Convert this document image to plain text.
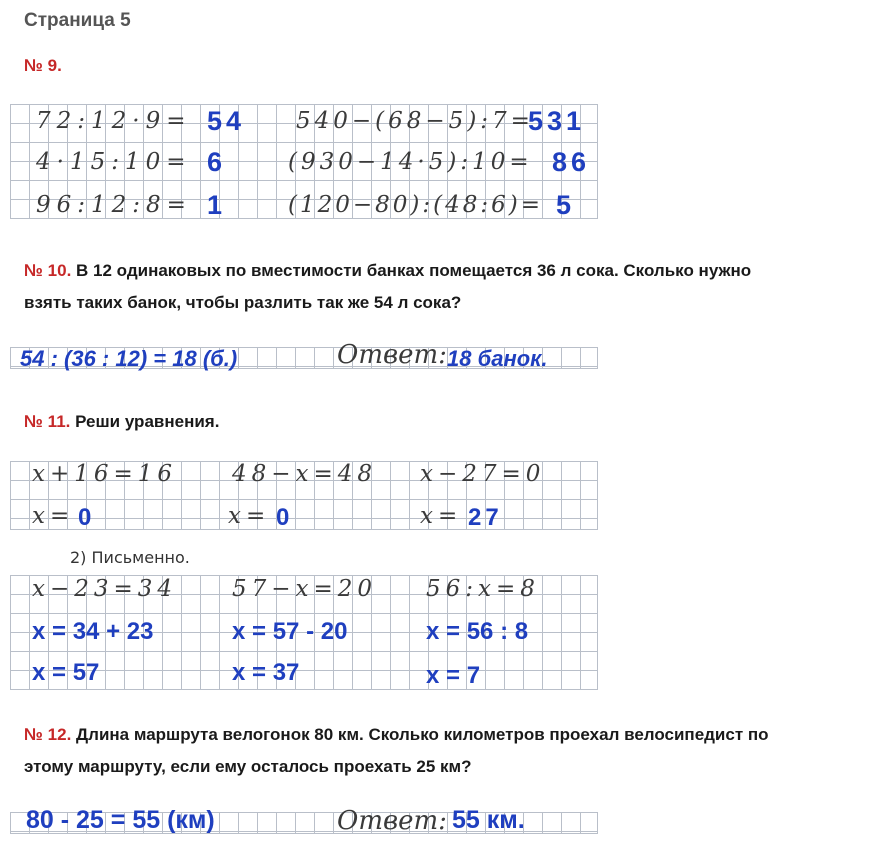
Страница 5
№ 9.
72:12·9= 54
4·15:10= 6
96:12:8= 1
540−(68−5):7=
531
(930−14·5):10= 86
(120−80):(48:6)= 5
№ 10. В 12 одинаковых по вместимости банках помещается 36 л сока. Сколько нужно
взять таких банок, чтобы разлить так же 54 л сока?
54 : (36 : 12) = 18 (б.)	Ответ: 18 банок.
№ 11. Реши уравнения.
x+16=16
x= 0
48−x=48
x= 0
x−27=0
x= 27
2) Письменно.
x−23=34
x = 34 + 23
x = 57
57−x=20
x = 57 - 20
x = 37
56:x=8
x = 56 : 8
x = 7
№ 12. Длина маршрута велогонок 80 км. Сколько километров проехал велосипедист по
этому маршруту, если ему осталось проехать 25 км?
80 - 25 = 55 (км)	Ответ: 55 км.
